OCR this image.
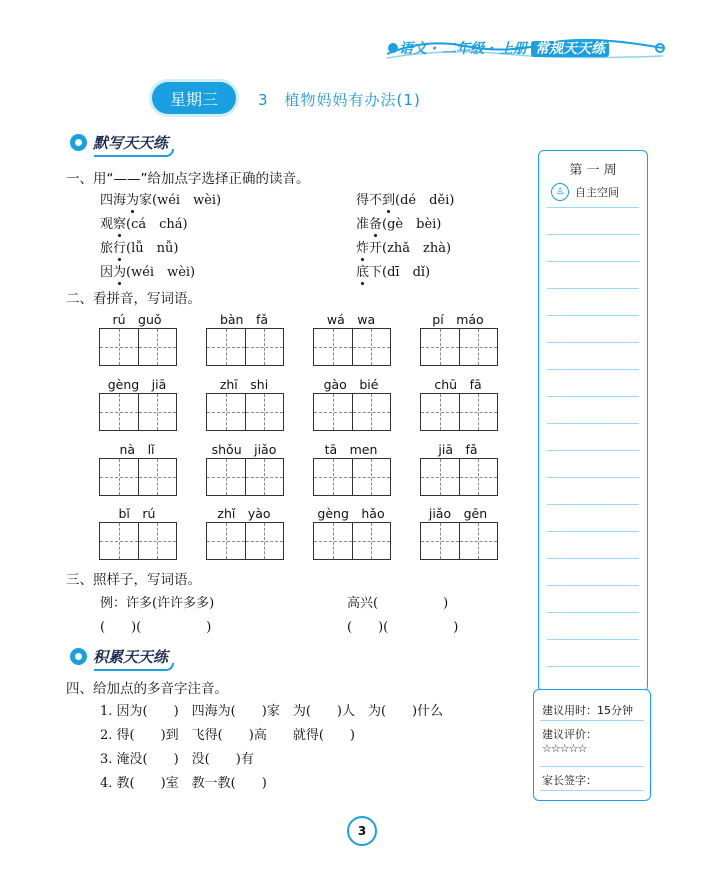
语文 · 二年级 · 上册 常规天天练
星期三	3　植物妈妈有办法(1)
默写天天练
一、用“——”给加点字选择正确的读音。
四海为家(wéi　wèi)	得不到(dé　děi)
观察(cá　chá)	准备(gè　bèi)
旅行(lǚ　nǚ)	炸开(zhǎ　zhà)
因为(wéi　wèi)	底下(dī　dǐ)
二、看拼音，写词语。
rú　guǒ	bàn　fǎ	wá　wa	pí　máo
gèng　jiā	zhī　shi	gào　bié	chū　fā
nà　lǐ	shǒu　jiǎo	tā　men	jiā　fǎ
bǐ　rú	zhǐ　yào	gèng　hǎo	jiǎo　gēn
三、照样子，写词语。
例：许多(许许多多)	高兴(　　　　　)
(　　)(　　　　　)	(　　)(　　　　　)
积累天天练
四、给加点的多音字注音。
1. 因为(　　)　四海为(　　)家　为(　　)人　为(　　)什么
2. 得(　　)到　飞得(　　)高　　就得(　　)
3. 淹没(　　)　没(　　)有
4. 教(　　)室　教一教(　　)
第 一 周
♙ 自主空间
建议用时：15分钟
建议评价：
☆☆☆☆☆
家长签字：
3
